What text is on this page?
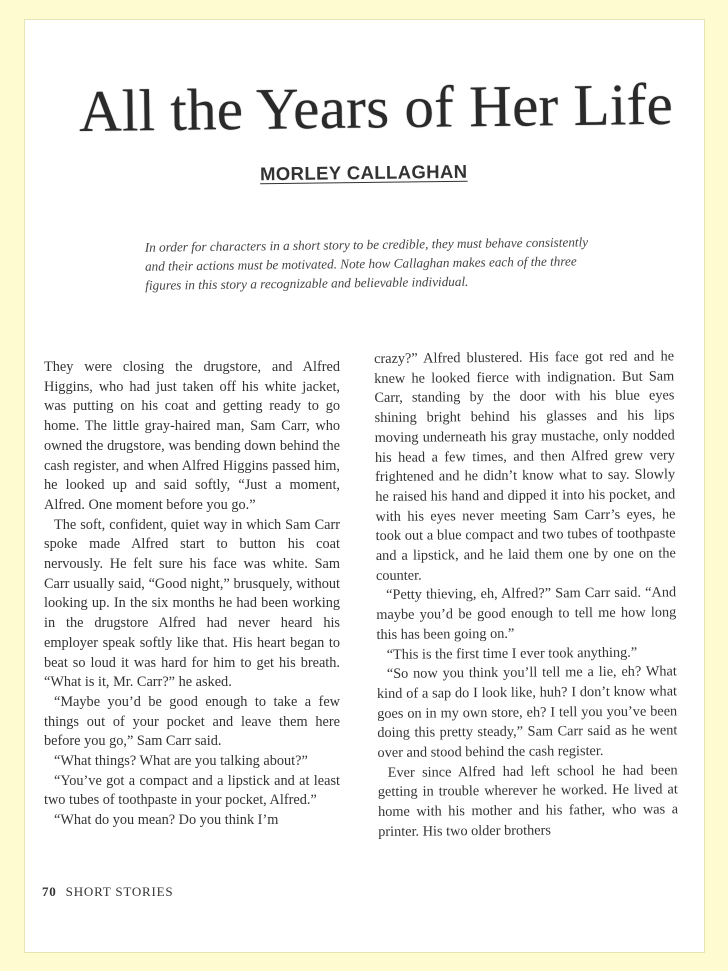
All the Years of Her Life
MORLEY CALLAGHAN
In order for characters in a short story to be credible, they must behave consistently and their actions must be motivated. Note how Callaghan makes each of the three figures in this story a recognizable and believable individual.

They were closing the drugstore, and Alfred Higgins, who had just taken off his white jacket, was putting on his coat and getting ready to go home. The little gray-haired man, Sam Carr, who owned the drugstore, was bending down behind the cash register, and when Alfred Higgins passed him, he looked up and said softly, “Just a moment, Alfred. One moment before you go.”

The soft, confident, quiet way in which Sam Carr spoke made Alfred start to button his coat nervously. He felt sure his face was white. Sam Carr usually said, “Good night,” brusquely, without looking up. In the six months he had been working in the drugstore Alfred had never heard his employer speak softly like that. His heart began to beat so loud it was hard for him to get his breath. “What is it, Mr. Carr?” he asked.

“Maybe you’d be good enough to take a few things out of your pocket and leave them here before you go,” Sam Carr said.

“What things? What are you talking about?”

“You’ve got a compact and a lipstick and at least two tubes of toothpaste in your pocket, Alfred.”

“What do you mean? Do you think I’m

crazy?” Alfred blustered. His face got red and he knew he looked fierce with indignation. But Sam Carr, standing by the door with his blue eyes shining bright behind his glasses and his lips moving underneath his gray mustache, only nodded his head a few times, and then Alfred grew very frightened and he didn’t know what to say. Slowly he raised his hand and dipped it into his pocket, and with his eyes never meeting Sam Carr’s eyes, he took out a blue compact and two tubes of toothpaste and a lipstick, and he laid them one by one on the counter.

“Petty thieving, eh, Alfred?” Sam Carr said. “And maybe you’d be good enough to tell me how long this has been going on.”

“This is the first time I ever took anything.”

“So now you think you’ll tell me a lie, eh? What kind of a sap do I look like, huh? I don’t know what goes on in my own store, eh? I tell you you’ve been doing this pretty steady,” Sam Carr said as he went over and stood behind the cash register.

Ever since Alfred had left school he had been getting in trouble wherever he worked. He lived at home with his mother and his father, who was a printer. His two older brothers

70 SHORT STORIES
